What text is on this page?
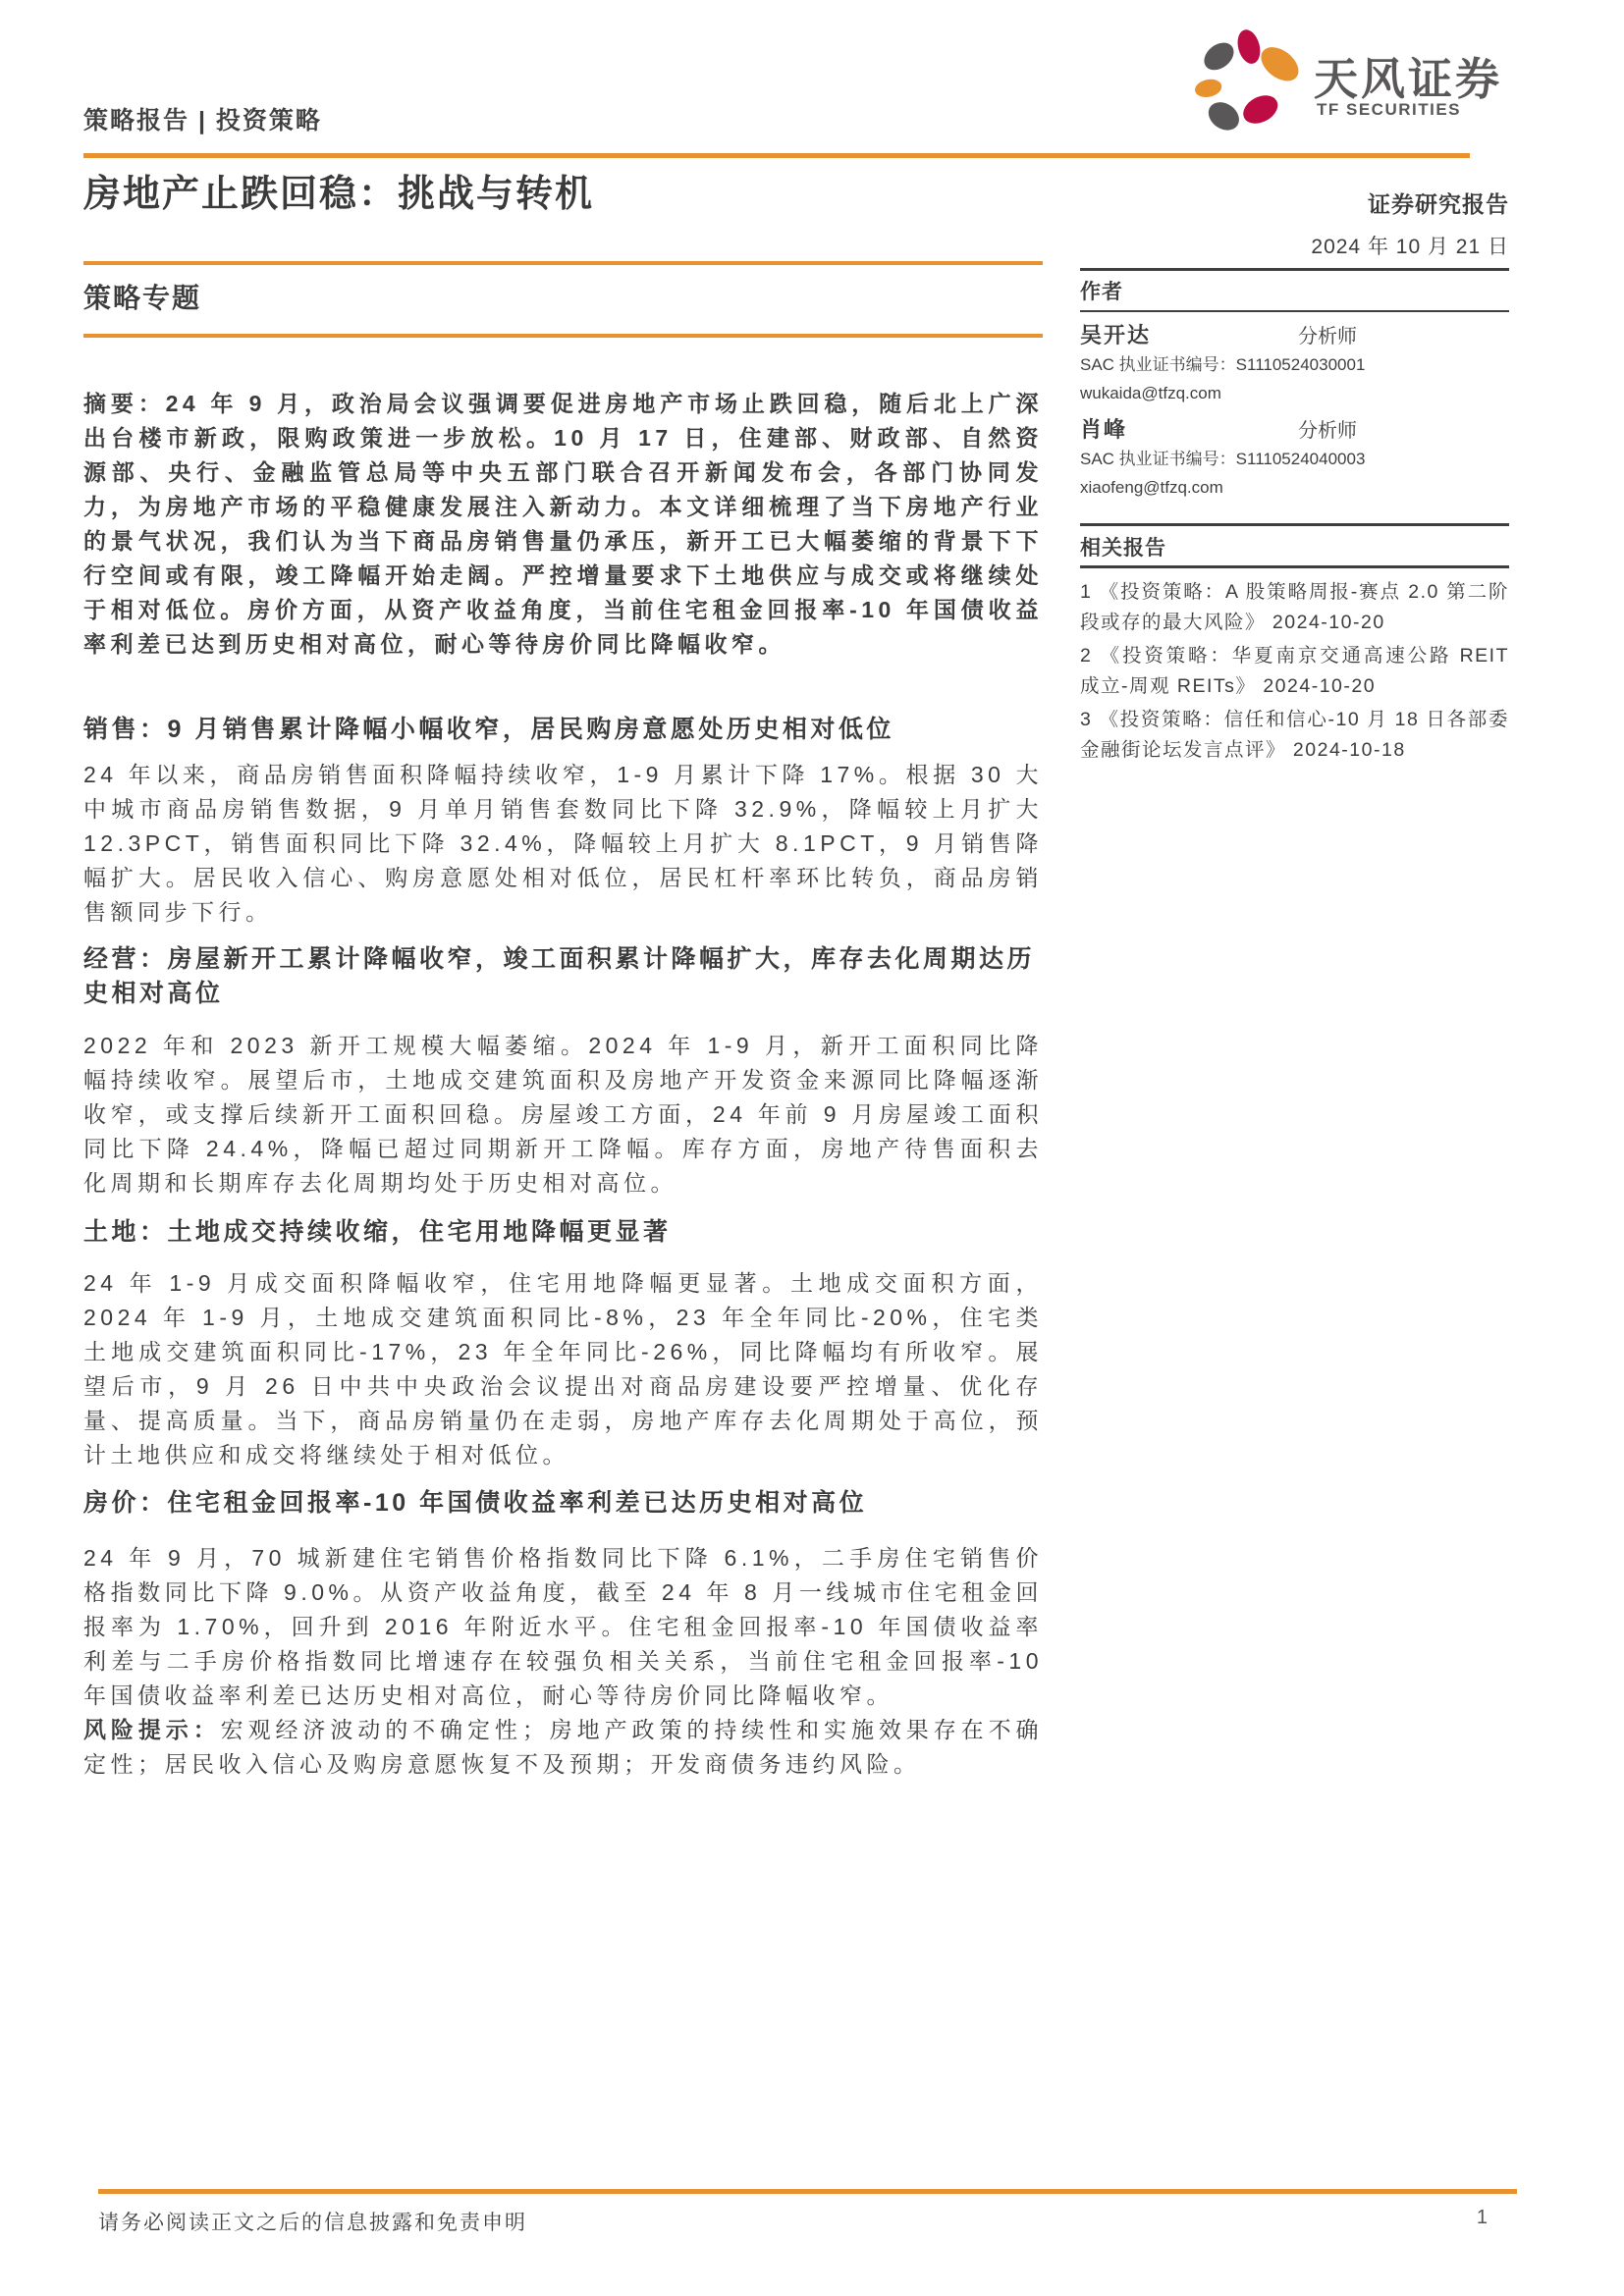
策略报告 | 投资策略
天风证券
TF SECURITIES
房地产止跌回稳：挑战与转机
策略专题

摘要：24 年 9 月，政治局会议强调要促进房地产市场止跌回稳，随后北上广深出台楼市新政，限购政策进一步放松。10 月 17 日，住建部、财政部、自然资源部、央行、金融监管总局等中央五部门联合召开新闻发布会，各部门协同发力，为房地产市场的平稳健康发展注入新动力。本文详细梳理了当下房地产行业的景气状况，我们认为当下商品房销售量仍承压，新开工已大幅萎缩的背景下下行空间或有限，竣工降幅开始走阔。严控增量要求下土地供应与成交或将继续处于相对低位。房价方面，从资产收益角度，当前住宅租金回报率-10 年国债收益率利差已达到历史相对高位，耐心等待房价同比降幅收窄。

销售：9 月销售累计降幅小幅收窄，居民购房意愿处历史相对低位
24 年以来，商品房销售面积降幅持续收窄，1-9 月累计下降 17%。根据 30 大中城市商品房销售数据，9 月单月销售套数同比下降 32.9%，降幅较上月扩大 12.3PCT，销售面积同比下降 32.4%，降幅较上月扩大 8.1PCT，9 月销售降幅扩大。居民收入信心、购房意愿处相对低位，居民杠杆率环比转负，商品房销售额同步下行。
经营：房屋新开工累计降幅收窄，竣工面积累计降幅扩大，库存去化周期达历史相对高位
2022 年和 2023 新开工规模大幅萎缩。2024 年 1-9 月，新开工面积同比降幅持续收窄。展望后市，土地成交建筑面积及房地产开发资金来源同比降幅逐渐收窄，或支撑后续新开工面积回稳。房屋竣工方面，24 年前 9 月房屋竣工面积同比下降 24.4%，降幅已超过同期新开工降幅。库存方面，房地产待售面积去化周期和长期库存去化周期均处于历史相对高位。
土地：土地成交持续收缩，住宅用地降幅更显著
24 年 1-9 月成交面积降幅收窄，住宅用地降幅更显著。土地成交面积方面，2024 年 1-9 月，土地成交建筑面积同比-8%，23 年全年同比-20%，住宅类土地成交建筑面积同比-17%，23 年全年同比-26%，同比降幅均有所收窄。展望后市，9 月 26 日中共中央政治会议提出对商品房建设要严控增量、优化存量、提高质量。当下，商品房销量仍在走弱，房地产库存去化周期处于高位，预计土地供应和成交将继续处于相对低位。
房价：住宅租金回报率-10 年国债收益率利差已达历史相对高位

24 年 9 月，70 城新建住宅销售价格指数同比下降 6.1%，二手房住宅销售价格指数同比下降 9.0%。从资产收益角度，截至 24 年 8 月一线城市住宅租金回报率为 1.70%，回升到 2016 年附近水平。住宅租金回报率-10 年国债收益率利差与二手房价格指数同比增速存在较强负相关关系，当前住宅租金回报率-10 年国债收益率利差已达历史相对高位，耐心等待房价同比降幅收窄。

风险提示：宏观经济波动的不确定性；房地产政策的持续性和实施效果存在不确定性；居民收入信心及购房意愿恢复不及预期；开发商债务违约风险。

证券研究报告
2024 年 10 月 21 日
作者
吴开达	分析师
SAC 执业证书编号：S1110524030001
wukaida@tfzq.com
肖峰	分析师
SAC 执业证书编号：S1110524040003
xiaofeng@tfzq.com
相关报告
1 《投资策略：A 股策略周报-赛点 2.0 第二阶段或存的最大风险》 2024-10-20
2 《投资策略：华夏南京交通高速公路 REIT 成立-周观 REITs》 2024-10-20
3 《投资策略：信任和信心-10 月 18 日各部委金融街论坛发言点评》 2024-10-18
请务必阅读正文之后的信息披露和免责申明	1
